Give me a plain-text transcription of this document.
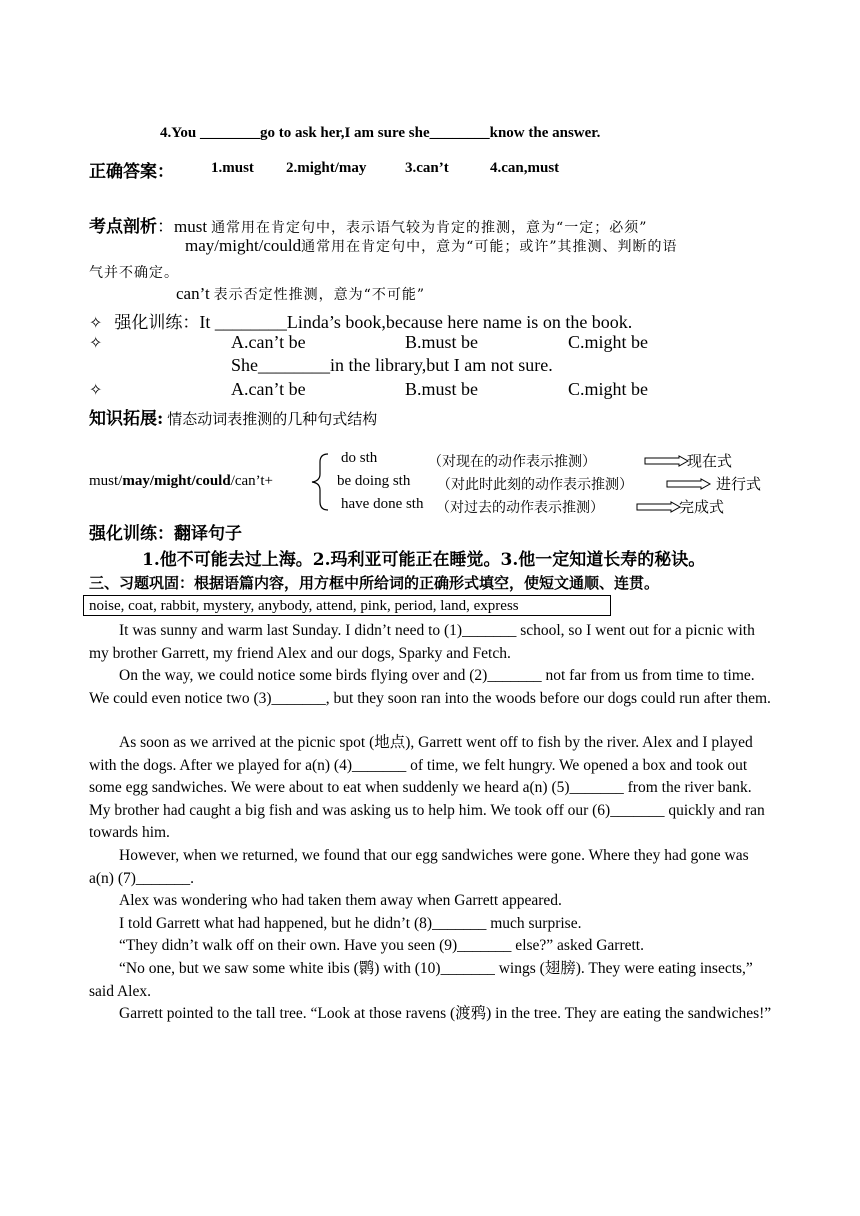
4.You ________go to ask her,I am sure she________know the answer.
正确答案： 1.must 2.might/may	3.can’t	4.can,must
考点剖析：must 通常用在肯定句中，表示语气较为肯定的推测，意为“一定；必须”
may/might/could通常用在肯定句中，意为“可能；或许”其推测、判断的语
气并不确定。
can’t 表示否定性推测，意为“不可能”
✧ 强化训练：It ________Linda’s book,because here name is on the book.
✧	A.can’t be	B.must be	C.might be
She________in the library,but I am not sure.
✧	A.can’t be	B.must be	C.might be
知识拓展: 情态动词表推测的几种句式结构
must/may/might/could/can’t+
do sth	（对现在的动作表示推测）	现在式
be doing sth （对此时此刻的动作表示推测）	进行式
have done sth （对过去的动作表示推测）	完成式
强化训练：翻译句子
1.他不可能去过上海。2.玛利亚可能正在睡觉。3.他一定知道长寿的秘诀。
三、习题巩固：根据语篇内容，用方框中所给词的正确形式填空，使短文通顺、连贯。
noise, coat, rabbit, mystery, anybody, attend, pink, period, land, express
It was sunny and warm last Sunday. I didn’t need to (1)_______ school, so I went out for a picnic with my brother Garrett, my friend Alex and our dogs, Sparky and Fetch.
On the way, we could notice some birds flying over and (2)_______ not far from us from time to time. We could even notice two (3)_______, but they soon ran into the woods before our dogs could run after them.
As soon as we arrived at the picnic spot (地点), Garrett went off to fish by the river. Alex and I played with the dogs. After we played for a(n) (4)_______ of time, we felt hungry. We opened a box and took out some egg sandwiches. We were about to eat when suddenly we heard a(n) (5)_______ from the river bank. My brother had caught a big fish and was asking us to help him. We took off our (6)_______ quickly and ran towards him.
However, when we returned, we found that our egg sandwiches were gone. Where they had gone was a(n) (7)_______.
Alex was wondering who had taken them away when Garrett appeared.
I told Garrett what had happened, but he didn’t (8)_______ much surprise.
“They didn’t walk off on their own. Have you seen (9)_______ else?” asked Garrett.
“No one, but we saw some white ibis (鹮) with (10)_______ wings (翅膀). They were eating insects,” said Alex.
Garrett pointed to the tall tree. “Look at those ravens (渡鸦) in the tree. They are eating the sandwiches!”
